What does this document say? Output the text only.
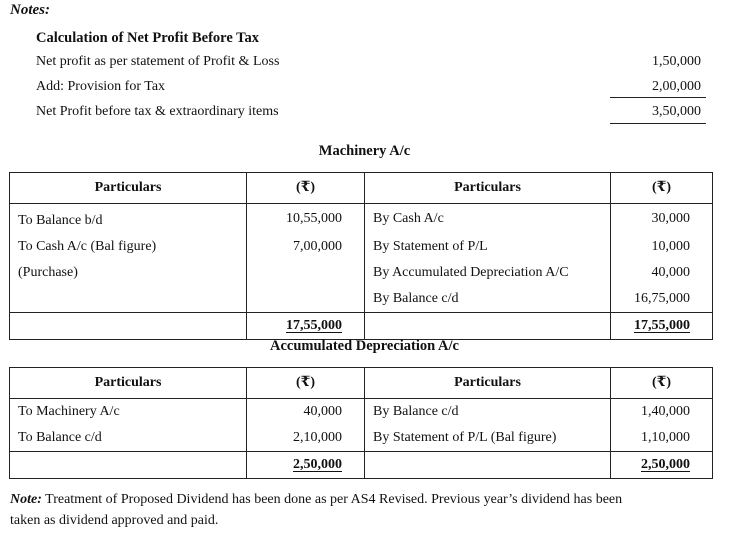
Notes:
Calculation of Net Profit Before Tax
Net profit as per statement of Profit & Loss	1,50,000
Add: Provision for Tax	2,00,000
Net Profit before tax & extraordinary items	3,50,000
Machinery A/c
Particulars	(₹)	Particulars	(₹)
To Balance b/d	10,55,000	By Cash A/c	30,000
To Cash A/c (Bal figure)	7,00,000	By Statement of P/L	10,000
(Purchase)		By Accumulated Depreciation A/C	40,000
		By Balance c/d	16,75,000
	17,55,000		17,55,000
Accumulated Depreciation A/c
Particulars	(₹)	Particulars	(₹)
To Machinery A/c	40,000	By Balance c/d	1,40,000
To Balance c/d	2,10,000	By Statement of P/L (Bal figure)	1,10,000
	2,50,000		2,50,000
Note: Treatment of Proposed Dividend has been done as per AS4 Revised. Previous year’s dividend has been
taken as dividend approved and paid.
